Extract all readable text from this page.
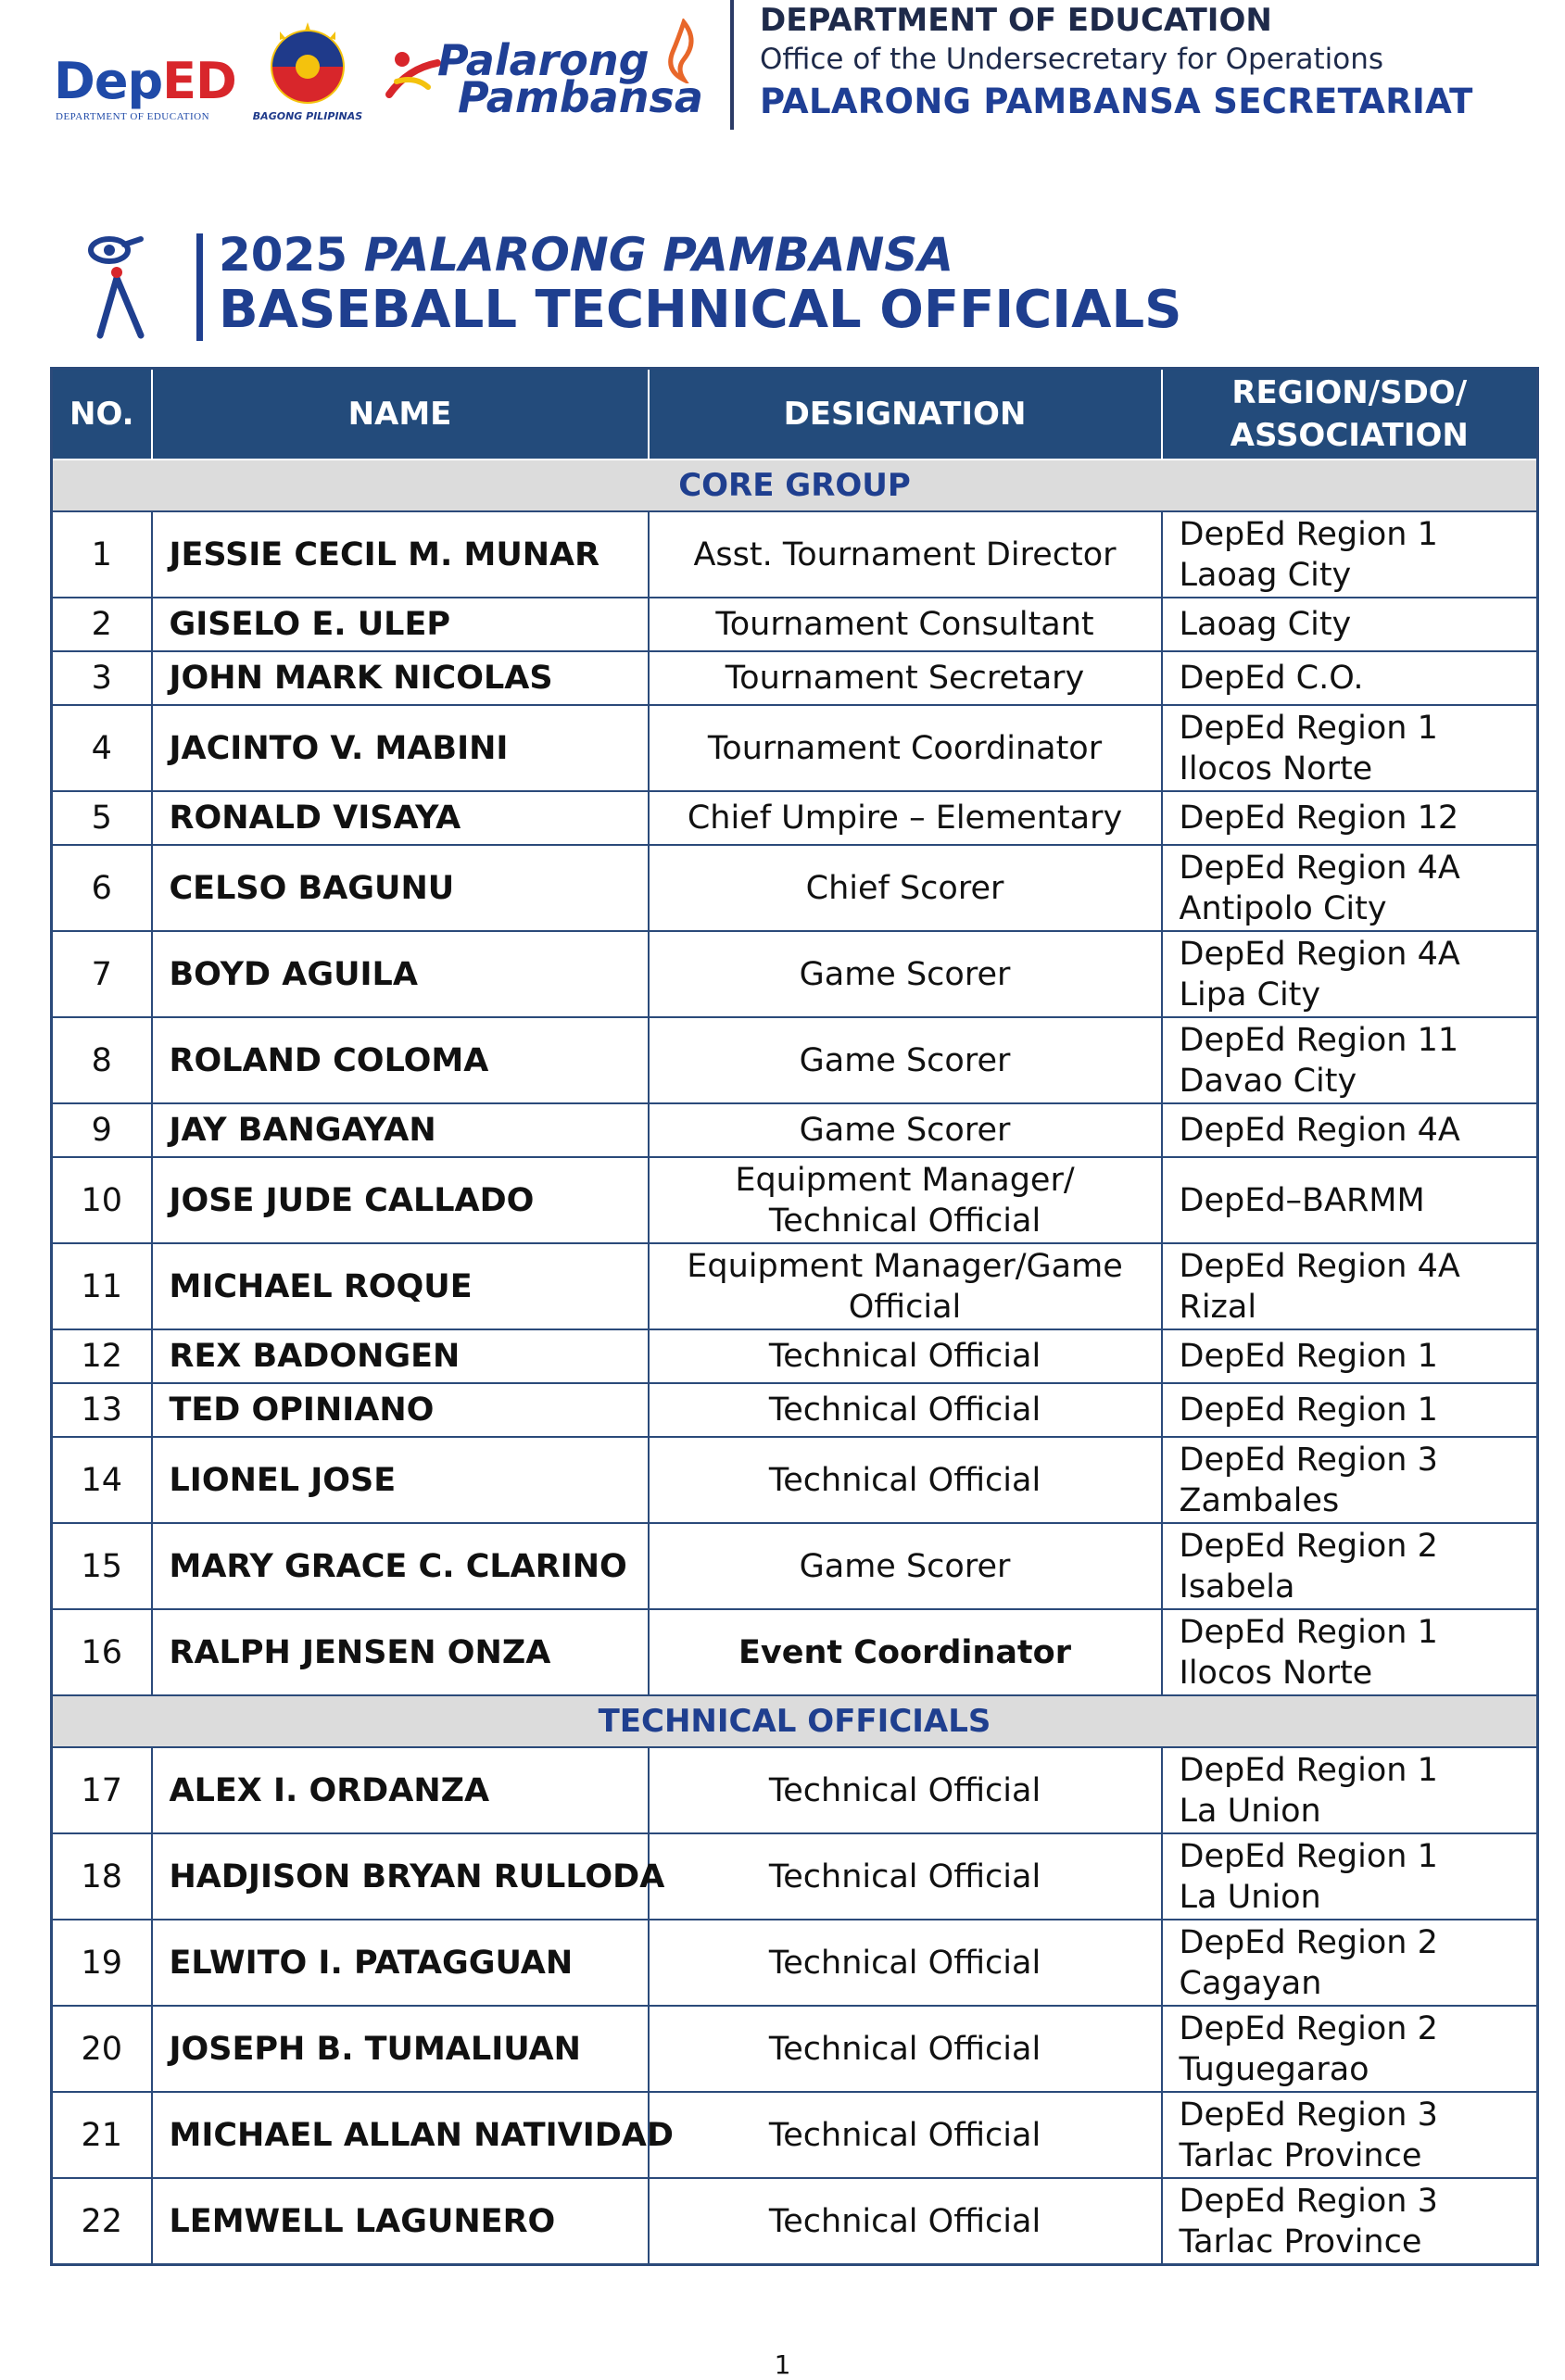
DepED
DEPARTMENT OF EDUCATION	BAGONG PILIPINAS
Palarong
Pambansa
DEPARTMENT OF EDUCATION
Office of the Undersecretary for Operations
PALARONG PAMBANSA SECRETARIAT
2025 PALARONG PAMBANSA
BASEBALL TECHNICAL OFFICIALS
NO.	NAME	DESIGNATION	REGION/SDO/
ASSOCIATION

CORE GROUP			
1	JESSIE CECIL M. MUNAR	Asst. Tournament Director	DepEd Region 1
Laoag City

2	GISELO E. ULEP	Tournament Consultant	Laoag City

3	JOHN MARK NICOLAS	Tournament Secretary	DepEd C.O.

4	JACINTO V. MABINI	Tournament Coordinator	DepEd Region 1
Ilocos Norte

5	RONALD VISAYA	Chief Umpire – Elementary	DepEd Region 12

6	CELSO BAGUNU	Chief Scorer	DepEd Region 4A
Antipolo City

7	BOYD AGUILA	Game Scorer	DepEd Region 4A
Lipa City

8	ROLAND COLOMA	Game Scorer	DepEd Region 11
Davao City

9	JAY BANGAYAN	Game Scorer	DepEd Region 4A

10	JOSE JUDE CALLADO	Equipment Manager/
Technical Official	DepEd–BARMM

11	MICHAEL ROQUE	Equipment Manager/Game
Official	DepEd Region 4A
Rizal

12	REX BADONGEN	Technical Official	DepEd Region 1

13	TED OPINIANO	Technical Official	DepEd Region 1

14	LIONEL JOSE	Technical Official	DepEd Region 3
Zambales

15	MARY GRACE C. CLARINO	Game Scorer	DepEd Region 2
Isabela

16	RALPH JENSEN ONZA	Event Coordinator	DepEd Region 1
Ilocos Norte

TECHNICAL OFFICIALS			
17	ALEX I. ORDANZA	Technical Official	DepEd Region 1
La Union

18	HADJISON BRYAN RULLODA	Technical Official	DepEd Region 1
La Union

19	ELWITO I. PATAGGUAN	Technical Official	DepEd Region 2
Cagayan

20	JOSEPH B. TUMALIUAN	Technical Official	DepEd Region 2
Tuguegarao

21	MICHAEL ALLAN NATIVIDAD	Technical Official	DepEd Region 3
Tarlac Province

22	LEMWELL LAGUNERO	Technical Official	DepEd Region 3
Tarlac Province
1
